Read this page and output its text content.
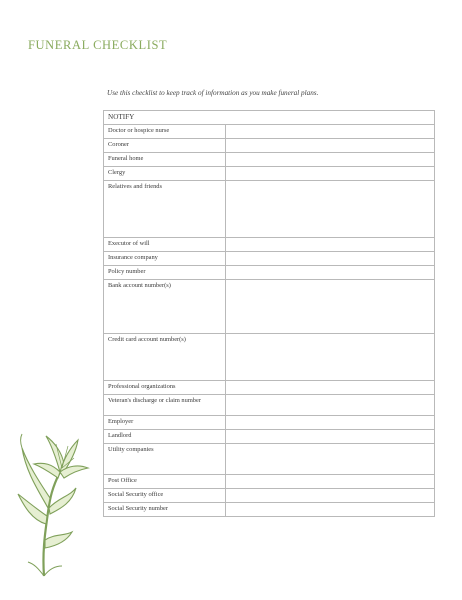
FUNERAL CHECKLIST

Use this checklist to keep track of information as you make funeral plans.

NOTIFY	
Doctor or hospice nurse	
Coroner	
Funeral home	
Clergy	
Relatives and friends	
Executor of will	
Insurance company	
Policy number	
Bank account number(s)	
Credit card account number(s)	
Professional organizations	
Veteran's discharge or claim number	
Employer	
Landlord	
Utility companies	
Post Office	
Social Security office	
Social Security number	
